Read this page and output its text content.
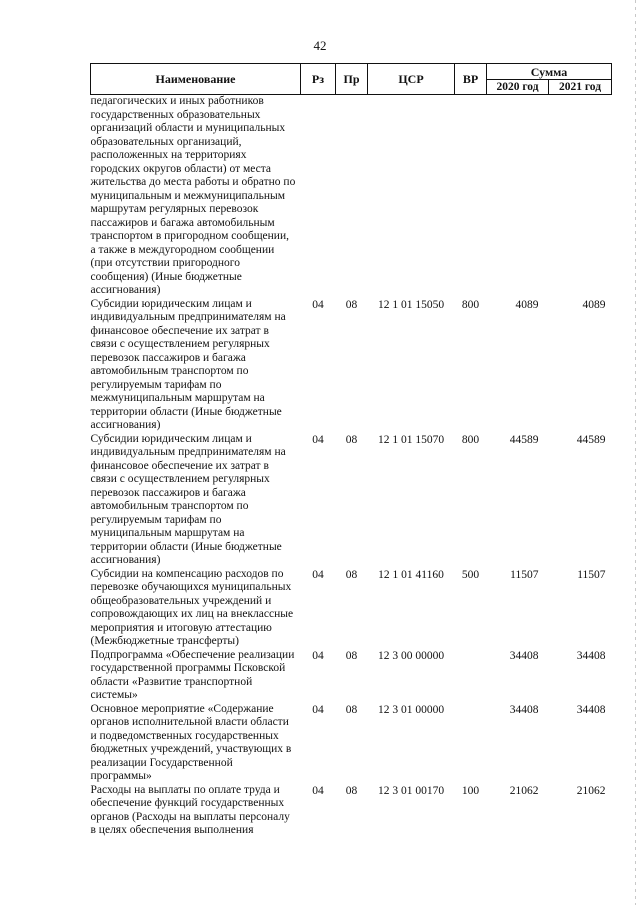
42
Наименование	Рз	Пр	ЦСР	ВР	Сумма	
					2020 год	2021 год
педагогических и иных работников государственных образовательных организаций области и муниципальных образовательных организаций, расположенных на территориях городских округов области) от места жительства до места работы и обратно по муниципальным и межмуниципальным маршрутам регулярных перевозок пассажиров и багажа автомобильным транспортом в пригородном сообщении, а также в междугородном сообщении (при отсутствии пригородного сообщения) (Иные бюджетные ассигнования)						
Субсидии юридическим лицам и индивидуальным предпринимателям на финансовое обеспечение их затрат в связи с осуществлением регулярных перевозок пассажиров и багажа автомобильным транспортом по регулируемым тарифам по межмуниципальным маршрутам на территории области (Иные бюджетные ассигнования)	04	08	12 1 01 15050	800	4089	4089
Субсидии юридическим лицам и индивидуальным предпринимателям на финансовое обеспечение их затрат в связи с осуществлением регулярных перевозок пассажиров и багажа автомобильным транспортом по регулируемым тарифам по муниципальным маршрутам на территории области (Иные бюджетные ассигнования)	04	08	12 1 01 15070	800	44589	44589
Субсидии на компенсацию расходов по перевозке обучающихся муниципальных общеобразовательных учреждений и сопровождающих их лиц на внеклассные мероприятия и итоговую аттестацию (Межбюджетные трансферты)	04	08	12 1 01 41160	500	11507	11507
Подпрограмма «Обеспечение реализации государственной программы Псковской области «Развитие транспортной системы»	04	08	12 3 00 00000		34408	34408
Основное мероприятие «Содержание органов исполнительной власти области и подведомственных государственных бюджетных учреждений, участвующих в реализации Государственной программы»	04	08	12 3 01 00000		34408	34408
Расходы на выплаты по оплате труда и обеспечение функций государственных органов (Расходы на выплаты персоналу в целях обеспечения выполнения	04	08	12 3 01 00170	100	21062	21062
